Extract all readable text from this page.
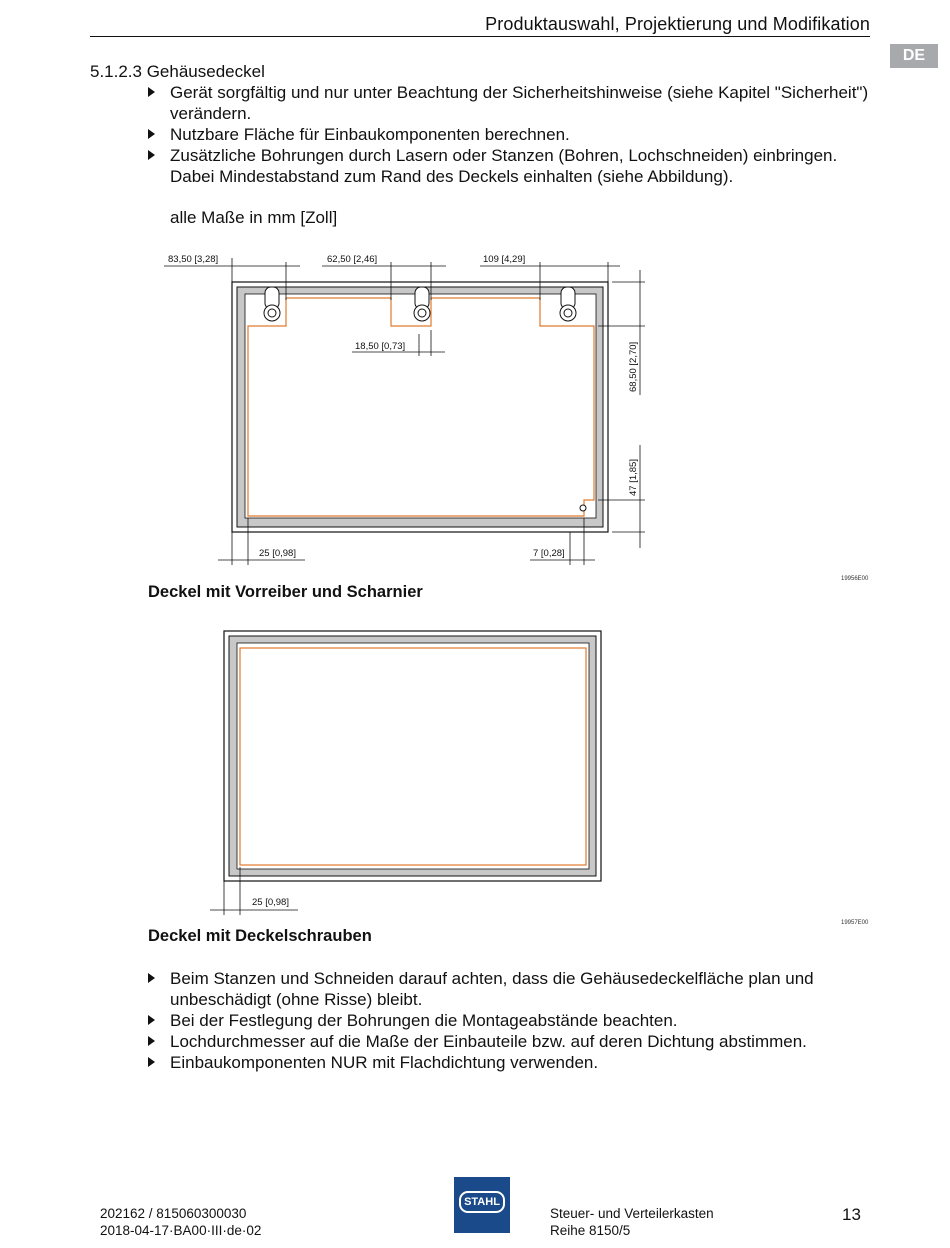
Produktauswahl, Projektierung und Modifikation
DE
5.1.2.3 Gehäusedeckel
Gerät sorgfältig und nur unter Beachtung der Sicherheitshinweise (siehe Kapitel "Sicherheit") verändern.
Nutzbare Fläche für Einbaukomponenten berechnen.
Zusätzliche Bohrungen durch Lasern oder Stanzen (Bohren, Lochschneiden) einbringen. Dabei Mindestabstand zum Rand des Deckels einhalten (siehe Abbildung).
alle Maße in mm [Zoll]
83,50 [3,28]	62,50 [2,46]	109 [4,29]
18,50 [0,73]	68,50 [2,70]
47 [1,85]
25 [0,98]	7 [0,28]
19956E00
Deckel mit Vorreiber und Scharnier
25 [0,98]
19957E00
Deckel mit Deckelschrauben
Beim Stanzen und Schneiden darauf achten, dass die Gehäusedeckelfläche plan und unbeschädigt (ohne Risse) bleibt.
Bei der Festlegung der Bohrungen die Montageabstände beachten.
Lochdurchmesser auf die Maße der Einbauteile bzw. auf deren Dichtung abstimmen.
Einbaukomponenten NUR mit Flachdichtung verwenden.
202162 / 815060300030
2018-04-17·BA00·III·de·02
STAHL
Steuer- und Verteilerkasten
Reihe 8150/5
13
